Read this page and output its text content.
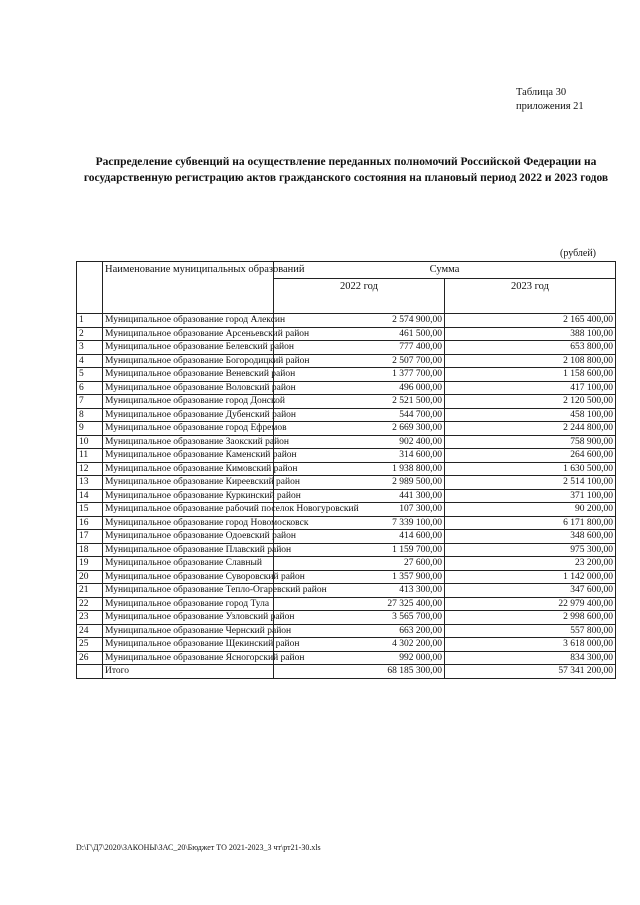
Таблица 30
приложения 21
Распределение субвенций на осуществление переданных полномочий Российской Федерации на государственную регистрацию актов гражданского состояния на плановый период 2022 и 2023 годов
(рублей)
	Наименование муниципальных образований	Сумма	
		2022 год	2023 год
1	Муниципальное образование город Алексин	2 574 900,00	2 165 400,00
2	Муниципальное образование Арсеньевский район	461 500,00	388 100,00
3	Муниципальное образование Белевский район	777 400,00	653 800,00
4	Муниципальное образование Богородицкий район	2 507 700,00	2 108 800,00
5	Муниципальное образование Веневский район	1 377 700,00	1 158 600,00
6	Муниципальное образование Воловский район	496 000,00	417 100,00
7	Муниципальное образование город Донской	2 521 500,00	2 120 500,00
8	Муниципальное образование Дубенский район	544 700,00	458 100,00
9	Муниципальное образование город Ефремов	2 669 300,00	2 244 800,00
10	Муниципальное образование Заокский район	902 400,00	758 900,00
11	Муниципальное образование Каменский район	314 600,00	264 600,00
12	Муниципальное образование Кимовский район	1 938 800,00	1 630 500,00
13	Муниципальное образование Киреевский район	2 989 500,00	2 514 100,00
14	Муниципальное образование Куркинский район	441 300,00	371 100,00
15	Муниципальное образование рабочий поселок Новогуровский	107 300,00	90 200,00
16	Муниципальное образование город Новомосковск	7 339 100,00	6 171 800,00
17	Муниципальное образование Одоевский район	414 600,00	348 600,00
18	Муниципальное образование Плавский район	1 159 700,00	975 300,00
19	Муниципальное образование Славный	27 600,00	23 200,00
20	Муниципальное образование Суворовский район	1 357 900,00	1 142 000,00
21	Муниципальное образование Тепло-Огаревский район	413 300,00	347 600,00
22	Муниципальное образование город Тула	27 325 400,00	22 979 400,00
23	Муниципальное образование Узловский район	3 565 700,00	2 998 600,00
24	Муниципальное образование Чернский район	663 200,00	557 800,00
25	Муниципальное образование Щекинский район	4 302 200,00	3 618 000,00
26	Муниципальное образование Ясногорский район	992 000,00	834 300,00
	Итого	68 185 300,00	57 341 200,00
D:\Г\Д7\2020\ЗАКОНЫ\ЗАС_20\Бюджет ТО 2021-2023_3 чт\рт21-30.xls
